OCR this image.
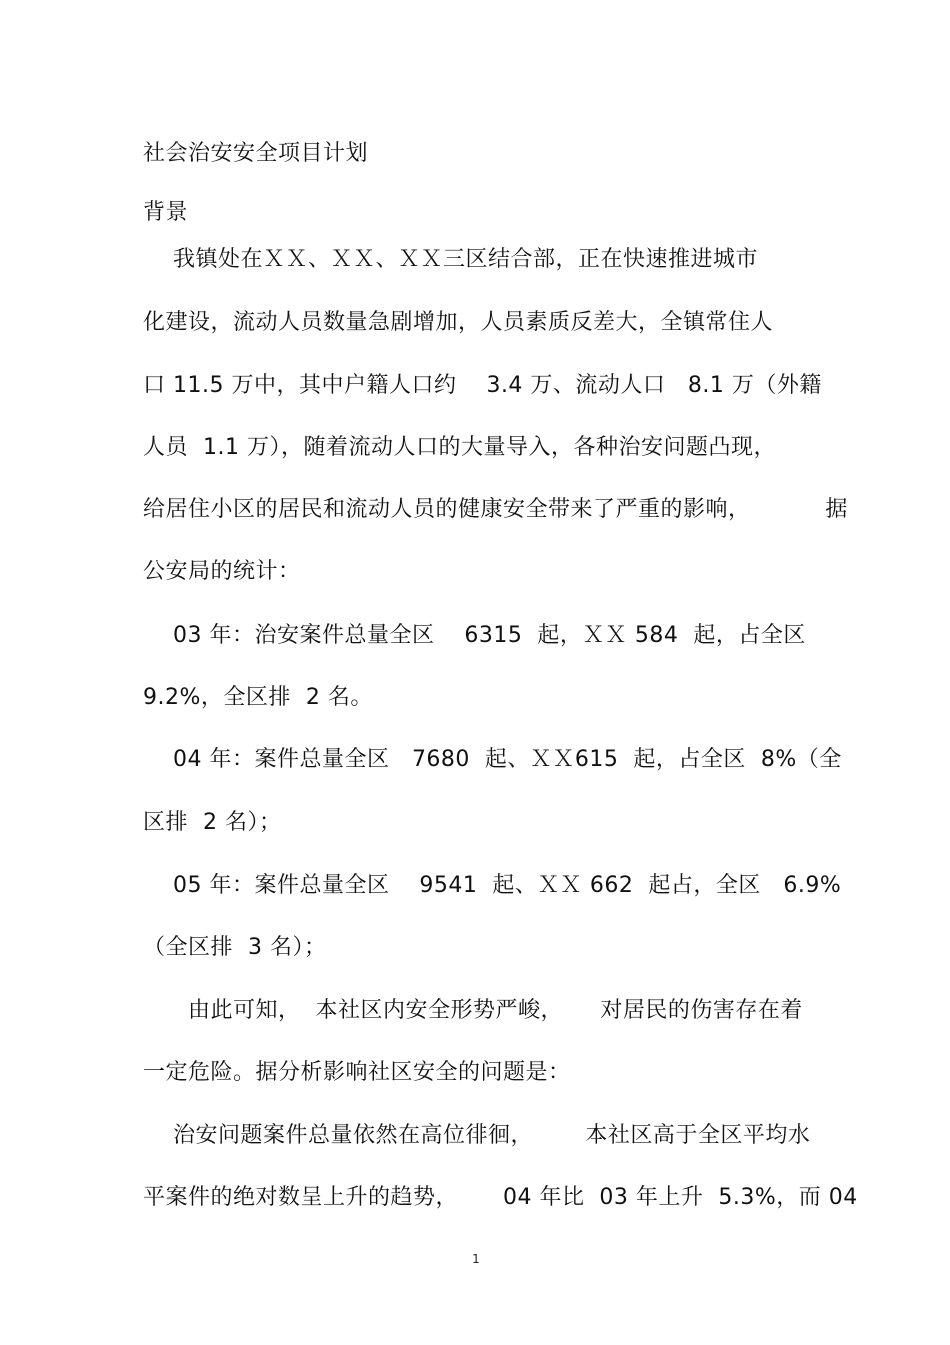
社会治安安全项目计划
背景
我镇处在ＸＸ、ＸＸ、ＸＸ三区结合部，正在快速推进城市
化建设，流动人员数量急剧增加，人员素质反差大，全镇常住人
口 11.5 万中，其中户籍人口约    3.4 万、流动人口   8.1 万（外籍
人员  1.1 万），随着流动人口的大量导入，各种治安问题凸现，
给居住小区的居民和流动人员的健康安全带来了严重的影响，          据
公安局的统计：
03 年：治安案件总量全区    6315  起，ＸＸ 584  起，占全区
9.2%，全区排  2 名。
04 年：案件总量全区   7680  起、ＸＸ615  起，占全区  8%（全
区排  2 名）；
05 年：案件总量全区    9541  起、ＸＸ 662  起占，全区   6.9%
（全区排  3 名）；
由此可知，  本社区内安全形势严峻，     对居民的伤害存在着
一定危险。据分析影响社区安全的问题是：
治安问题案件总量依然在高位徘徊，       本社区高于全区平均水
平案件的绝对数呈上升的趋势，      04 年比  03 年上升  5.3%，而 04
1
